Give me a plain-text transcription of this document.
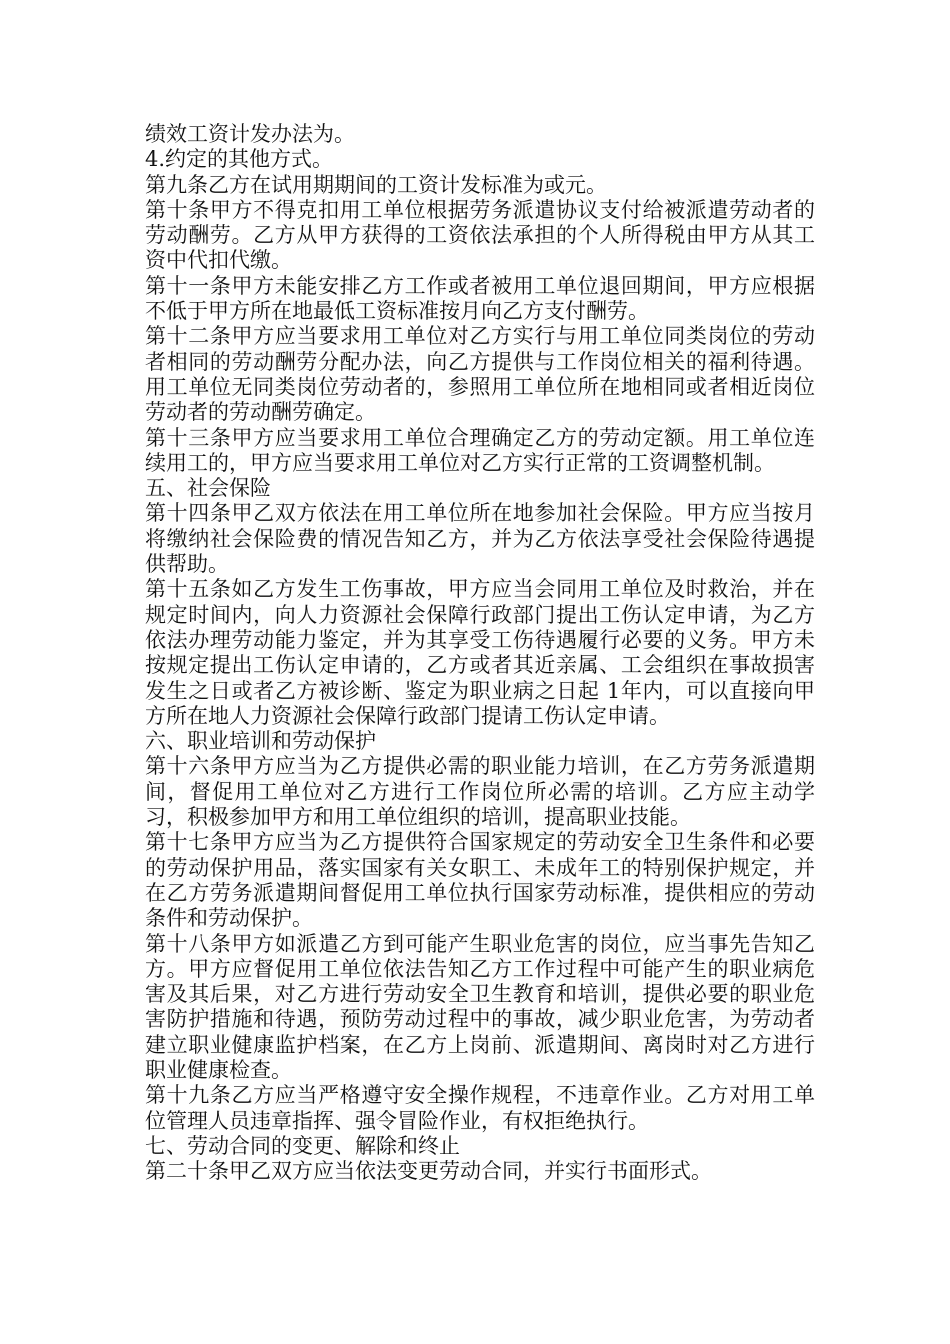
绩效工资计发办法为。

4.约定的其他方式。

第九条乙方在试用期期间的工资计发标准为或元。

第十条甲方不得克扣用工单位根据劳务派遣协议支付给被派遣劳动者的劳动酬劳。乙方从甲方获得的工资依法承担的个人所得税由甲方从其工资中代扣代缴。

第十一条甲方未能安排乙方工作或者被用工单位退回期间，甲方应根据不低于甲方所在地最低工资标准按月向乙方支付酬劳。

第十二条甲方应当要求用工单位对乙方实行与用工单位同类岗位的劳动者相同的劳动酬劳分配办法，向乙方提供与工作岗位相关的福利待遇。用工单位无同类岗位劳动者的，参照用工单位所在地相同或者相近岗位劳动者的劳动酬劳确定。

第十三条甲方应当要求用工单位合理确定乙方的劳动定额。用工单位连续用工的，甲方应当要求用工单位对乙方实行正常的工资调整机制。

五、社会保险

第十四条甲乙双方依法在用工单位所在地参加社会保险。甲方应当按月将缴纳社会保险费的情况告知乙方，并为乙方依法享受社会保险待遇提供帮助。

第十五条如乙方发生工伤事故，甲方应当会同用工单位及时救治，并在规定时间内，向人力资源社会保障行政部门提出工伤认定申请，为乙方依法办理劳动能力鉴定，并为其享受工伤待遇履行必要的义务。甲方未按规定提出工伤认定申请的，乙方或者其近亲属、工会组织在事故损害发生之日或者乙方被诊断、鉴定为职业病之日起 1年内，可以直接向甲方所在地人力资源社会保障行政部门提请工伤认定申请。

六、职业培训和劳动保护

第十六条甲方应当为乙方提供必需的职业能力培训，在乙方劳务派遣期间，督促用工单位对乙方进行工作岗位所必需的培训。乙方应主动学习，积极参加甲方和用工单位组织的培训，提高职业技能。

第十七条甲方应当为乙方提供符合国家规定的劳动安全卫生条件和必要的劳动保护用品，落实国家有关女职工、未成年工的特别保护规定，并在乙方劳务派遣期间督促用工单位执行国家劳动标准，提供相应的劳动条件和劳动保护。

第十八条甲方如派遣乙方到可能产生职业危害的岗位，应当事先告知乙方。甲方应督促用工单位依法告知乙方工作过程中可能产生的职业病危害及其后果，对乙方进行劳动安全卫生教育和培训，提供必要的职业危害防护措施和待遇，预防劳动过程中的事故，减少职业危害，为劳动者建立职业健康监护档案，在乙方上岗前、派遣期间、离岗时对乙方进行职业健康检查。

第十九条乙方应当严格遵守安全操作规程，不违章作业。乙方对用工单位管理人员违章指挥、强令冒险作业，有权拒绝执行。

七、劳动合同的变更、解除和终止

第二十条甲乙双方应当依法变更劳动合同，并实行书面形式。
